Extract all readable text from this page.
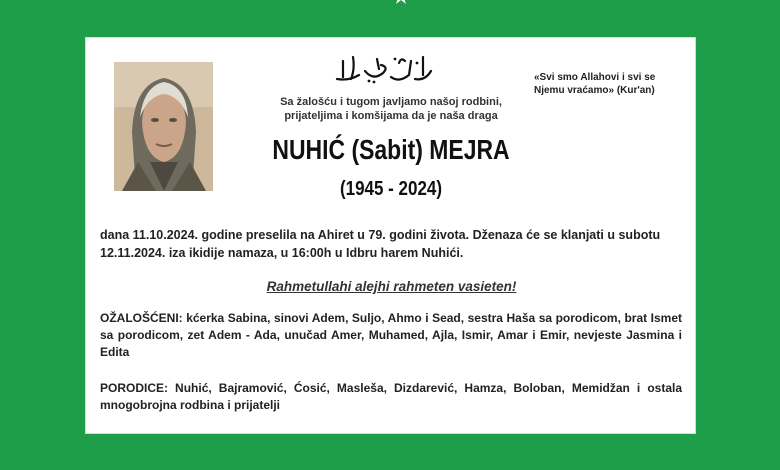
«Svi smo Allahovi i svi se
Njemu vraćamo» (Kur'an)
Sa žalošću i tugom javljamo našoj rodbini,
prijateljima i komšijama da je naša draga
NUHIĆ (Sabit) MEJRA
(1945 - 2024)
dana 11.10.2024. godine preselila na Ahiret u 79. godini života. Dženaza će se klanjati u subotu
12.11.2024. iza ikidije namaza, u 16:00h u Idbru harem Nuhići.
Rahmetullahi alejhi rahmeten vasieten!
OŽALOŠĆENI: kćerka Sabina, sinovi Adem, Suljo, Ahmo i Sead, sestra Haša sa porodicom, brat Ismet sa porodicom, zet Adem - Ada, unučad Amer, Muhamed, Ajla, Ismir, Amar i Emir, nevjeste Jasmina i Edita
PORODICE: Nuhić, Bajramović, Ćosić, Masleša, Dizdarević, Hamza, Boloban, Memidžan i ostala mnogobrojna rodbina i prijatelji
